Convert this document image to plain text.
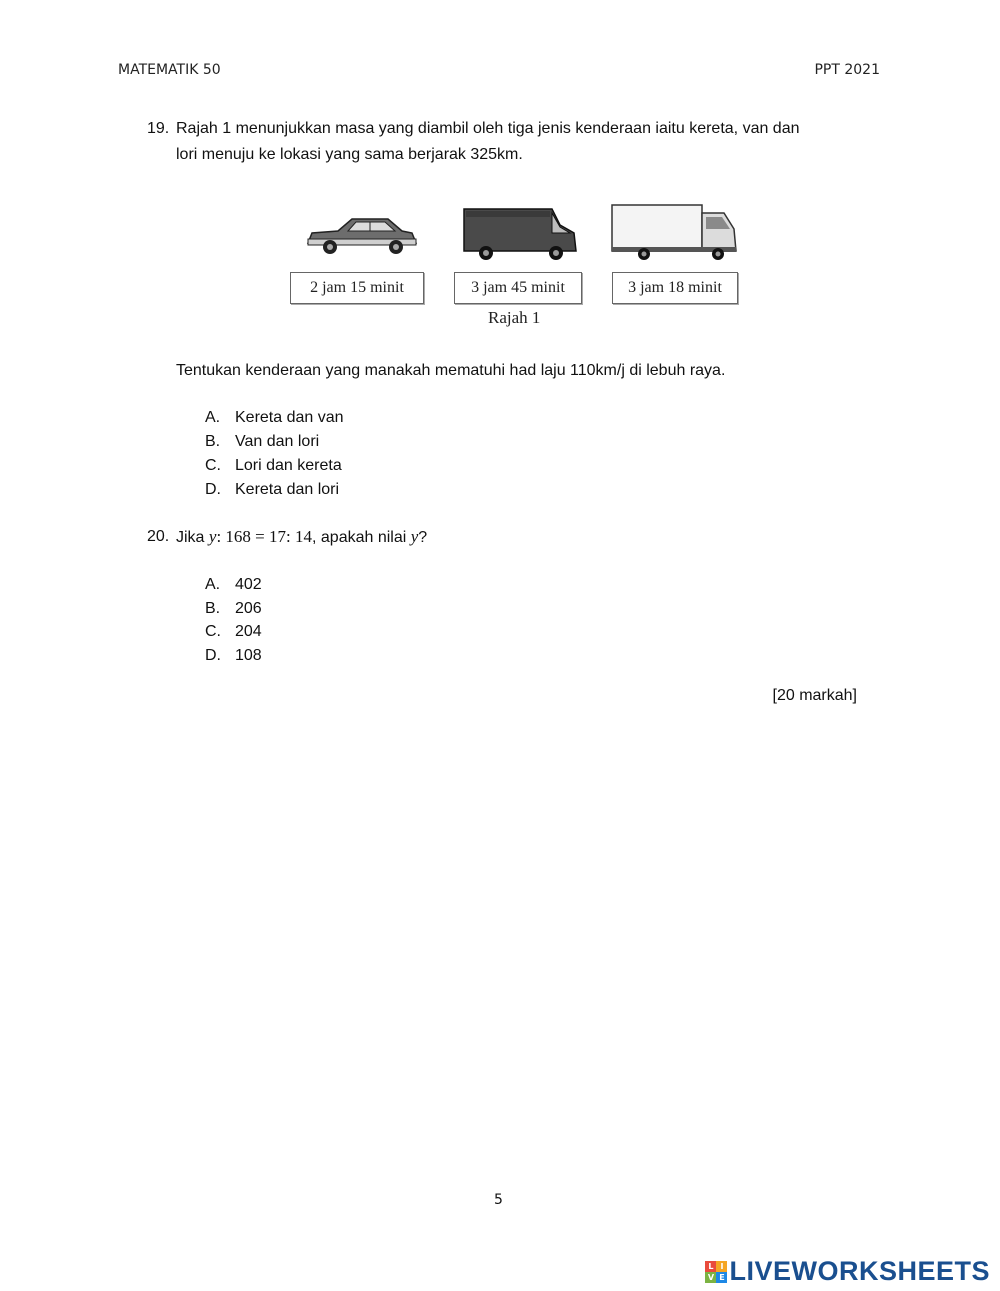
MATEMATIK 50	PPT 2021
19. Rajah 1 menunjukkan masa yang diambil oleh tiga jenis kenderaan iaitu kereta, van dan
lori menuju ke lokasi yang sama berjarak 325km.
2 jam 15 minit	3 jam 45 minit	3 jam 18 minit
Rajah 1
Tentukan kenderaan yang manakah mematuhi had laju 110km/j di lebuh raya.
A. Kereta dan van
B. Van dan lori
C. Lori dan kereta
D. Kereta dan lori
20. Jika y: 168 = 17: 14, apakah nilai y?
A. 402
B. 206
C. 204
D. 108
[20 markah]
5
L I
V E LIVEWORKSHEETS
